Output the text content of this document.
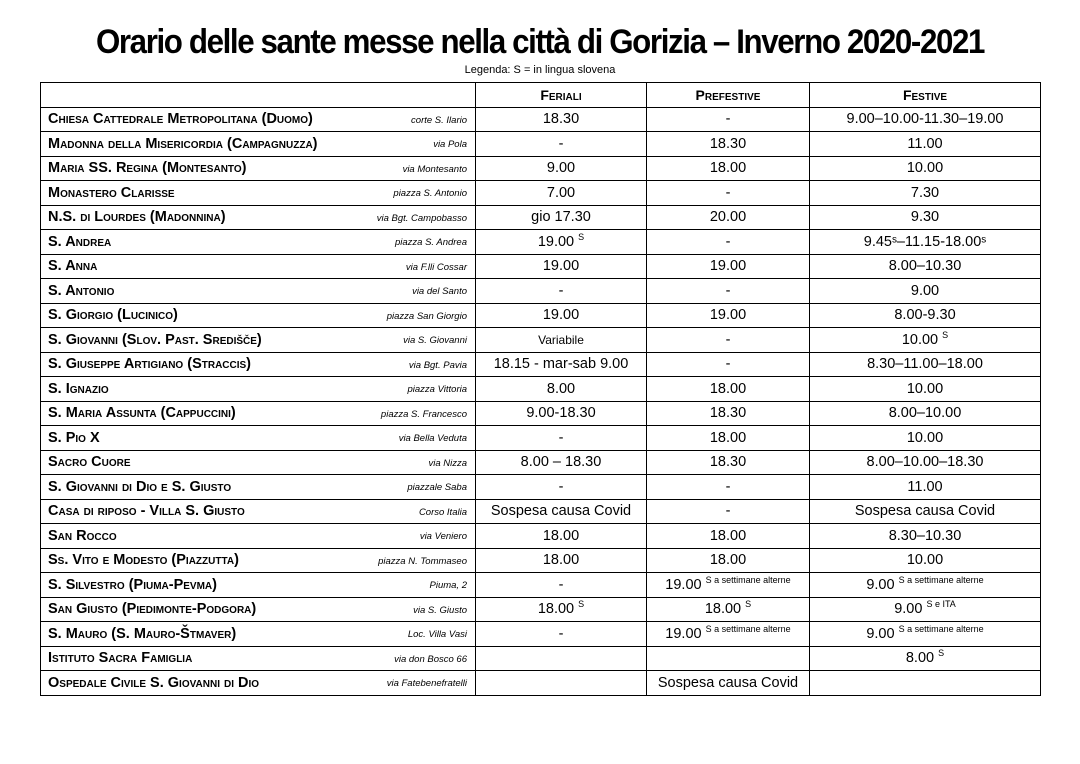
Orario delle sante messe nella città di Gorizia – Inverno 2020-2021
Legenda: S = in lingua slovena
	Feriali	Prefestive	Festive
Chiesa Cattedrale Metropolitana (Duomo) corte S. Ilario	18.30	-	9.00–10.00-11.30–19.00
Madonna della Misericordia (Campagnuzza) via Pola	-	18.30	11.00
Maria SS. Regina (Montesanto) via Montesanto	9.00	18.00	10.00
Monastero Clarisse piazza S. Antonio	7.00	-	7.30
N.S. di Lourdes (Madonnina) via Bgt. Campobasso	gio 17.30	20.00	9.30
S. Andrea piazza S. Andrea	19.00 $^S$	-	9.45ˢ–11.15-18.00ˢ
S. Anna via F.lli Cossar	19.00	19.00	8.00–10.30
S. Antonio via del Santo	-	-	9.00
S. Giorgio (Lucinico) piazza San Giorgio	19.00	19.00	8.00-9.30
S. Giovanni (Slov. Past. Središče) via S. Giovanni	Variabile	-	10.00 $^S$
S. Giuseppe Artigiano (Straccis) via Bgt. Pavia	18.15 - mar-sab 9.00	-	8.30–11.00–18.00
S. Ignazio piazza Vittoria	8.00	18.00	10.00
S. Maria Assunta (Cappuccini) piazza S. Francesco	9.00-18.30	18.30	8.00–10.00
S. Pio X via Bella Veduta	-	18.00	10.00
Sacro Cuore via Nizza	8.00 – 18.30	18.30	8.00–10.00–18.30
S. Giovanni di Dio e S. Giusto piazzale Saba	-	-	11.00
Casa di riposo - Villa S. Giusto Corso Italia	Sospesa causa Covid	-	Sospesa causa Covid
San Rocco via Veniero	18.00	18.00	8.30–10.30
Ss. Vito e Modesto (Piazzutta) piazza N. Tommaseo	18.00	18.00	10.00
S. Silvestro (Piuma-Pevma) Piuma, 2	-	19.00 $^{S a settimane alterne}$	9.00 $^{S a settimane alterne}$
San Giusto (Piedimonte-Podgora) via S. Giusto	18.00 $^S$	18.00 $^S$	9.00 $^{S e ITA}$
S. Mauro (S. Mauro-Štmaver) Loc. Villa Vasi	-	19.00 $^{S a settimane alterne}$	9.00 $^{S a settimane alterne}$
Istituto Sacra Famiglia via don Bosco 66			8.00 $^S$
Ospedale Civile S. Giovanni di Dio via Fatebenefratelli		Sospesa causa Covid	
